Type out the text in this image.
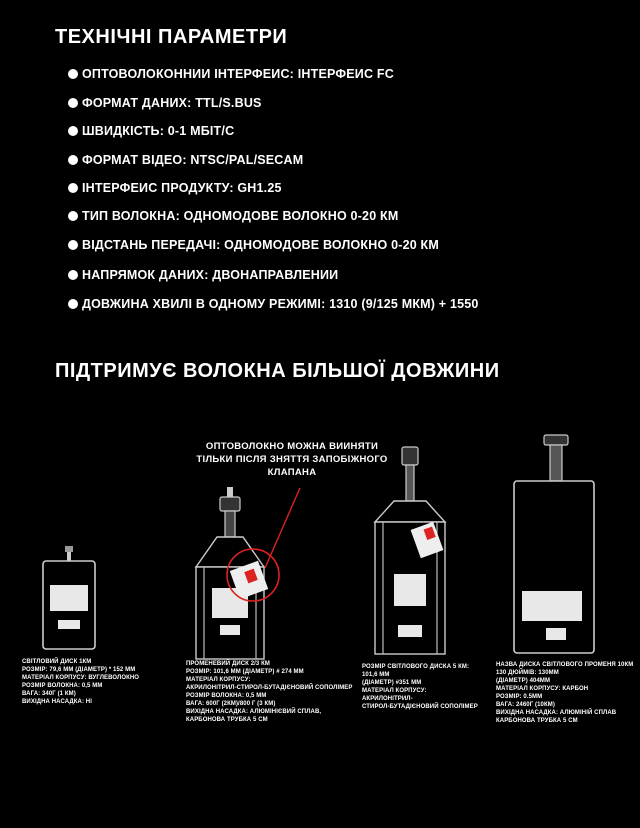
ТЕХНІЧНІ ПАРАМЕТРИ
ОПТОВОЛОКОННИИ ІНТЕРФЕИС: ІНТЕРФЕИС FC
ФОРМАТ ДАНИХ: TTL/S.BUS
ШВИДКІСТЬ: 0-1 МБІТ/С
ФОРМАТ ВІДЕО: NTSC/PAL/SECAM
ІНТЕРФЕИС ПРОДУКТУ: GH1.25
ТИП ВОЛОКНА: ОДНОМОДОВЕ ВОЛОКНО 0-20 КМ
ВІДСТАНЬ ПЕРЕДАЧІ: ОДНОМОДОВЕ ВОЛОКНО 0-20 КМ
НАПРЯМОК ДАНИХ: ДВОНАПРАВЛЕНИИ
ДОВЖИНА ХВИЛІ В ОДНОМУ РЕЖИМІ: 1310 (9/125 МКМ) + 1550
ПІДТРИМУЄ ВОЛОКНА БІЛЬШОЇ ДОВЖИНИ
ОПТОВОЛОКНО МОЖНА ВИИНЯТИ
ТІЛЬКИ ПІСЛЯ ЗНЯТТЯ ЗАПОБІЖНОГО
КЛАПАНА
СВІТЛОВИЙ ДИСК 1КМ
РОЗМІР: 79,6 ММ (ДІАМЕТР) * 152 ММ
МАТЕРІАЛ КОРПУСУ: ВУГЛЕВОЛОКНО
РОЗМІР ВОЛОКНА: 0,5 ММ
ВАГА: 340Г (1 КМ)
ВИХІДНА НАСАДКА: НІ
ПРОМЕНЕВИЙ ДИСК 2/3 КМ
РОЗМІР: 101,6 ММ (ДІАМЕТР) # 274 ММ
МАТЕРІАЛ КОРПУСУ:
АКРИЛОНІТРИЛ-СТИРОЛ-БУТАДІЄНОВИЙ СОПОЛІМЕР
РОЗМІР ВОЛОКНА: 0,5 ММ
ВАГА: 600Г (2КМ)/800 Г (3 КМ)
ВИХІДНА НАСАДКА: АЛЮМІНІЄВИЙ СПЛАВ,
КАРБОНОВА ТРУБКА 5 СМ
РОЗМІР СВІТЛОВОГО ДИСКА 5 КМ:
101,6 ММ
(ДІАМЕТР) #351 ММ
МАТЕРІАЛ КОРПУСУ:
АКРИЛОНІТРИЛ-
СТИРОЛ-БУТАДІЄНОВИЙ СОПОЛІМЕР
НАЗВА ДИСКА СВІТЛОВОГО ПРОМЕНЯ 10КМ
130 ДЮЙМІВ: 130ММ
(ДІАМЕТР) 404ММ
МАТЕРІАЛ КОРПУСУ: КАРБОН
РОЗМІР: 0.5ММ
ВАГА: 2460Г (10КМ)
ВИХІДНА НАСАДКА: АЛЮМІНІЙ СПЛАВ
КАРБОНОВА ТРУБКА 5 СМ
